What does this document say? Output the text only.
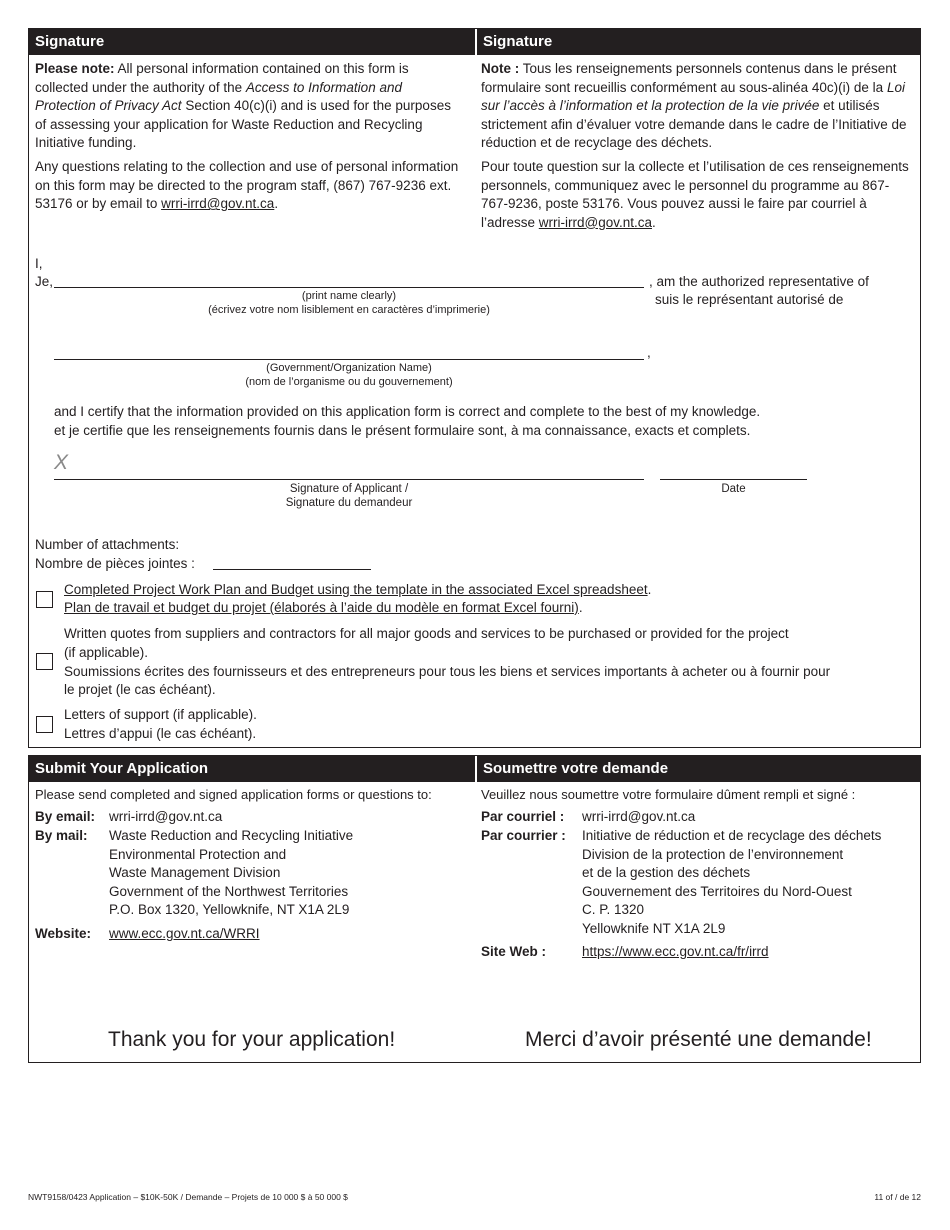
Signature	Signature

Please note: All personal information contained on this form is collected under the authority of the Access to Information and Protection of Privacy Act Section 40(c)(i) and is used for the purposes of assessing your application for Waste Reduction and Recycling Initiative funding.

Any questions relating to the collection and use of personal information on this form may be directed to the program staff, (867) 767-9236 ext. 53176 or by email to wrri-irrd@gov.nt.ca.

Note : Tous les renseignements personnels contenus dans le présent formulaire sont recueillis conformément au sous-alinéa 40c)(i) de la Loi sur l’accès à l’information et la protection de la vie privée et utilisés strictement afin d’évaluer votre demande dans le cadre de l’Initiative de réduction et de recyclage des déchets.

Pour toute question sur la collecte et l’utilisation de ces renseignements personnels, communiquez avec le personnel du programme au 867-767-9236, poste 53176. Vous pouvez aussi le faire par courriel à l’adresse wrri-irrd@gov.nt.ca.

I,
Je,	, am the authorized representative of
suis le représentant autorisé de
(print name clearly)
(écrivez votre nom lisiblement en caractères d’imprimerie)
,
(Government/Organization Name)
(nom de l’organisme ou du gouvernement)
and I certify that the information provided on this application form is correct and complete to the best of my knowledge.
et je certifie que les renseignements fournis dans le présent formulaire sont, à ma connaissance, exacts et complets.
X
Signature of Applicant /
Signature du demandeur
Date
Number of attachments:
Nombre de pièces jointes :
Completed Project Work Plan and Budget using the template in the associated Excel spreadsheet.
Plan de travail et budget du projet (élaborés à l’aide du modèle en format Excel fourni).
Written quotes from suppliers and contractors for all major goods and services to be purchased or provided for the project
(if applicable).
Soumissions écrites des fournisseurs et des entrepreneurs pour tous les biens et services importants à acheter ou à fournir pour
le projet (le cas échéant).
Letters of support (if applicable).
Lettres d’appui (le cas échéant).
Submit Your Application	Soumettre votre demande
Please send completed and signed application forms or questions to:	Veuillez nous soumettre votre formulaire dûment rempli et signé :
By email: wrri-irrd@gov.nt.ca
By mail: Waste Reduction and Recycling Initiative
Environmental Protection and
Waste Management Division
Government of the Northwest Territories
P.O. Box 1320, Yellowknife, NT X1A 2L9
Website: www.ecc.gov.nt.ca/WRRI
Par courriel : wrri-irrd@gov.nt.ca
Par courrier : Initiative de réduction et de recyclage des déchets
Division de la protection de l’environnement
et de la gestion des déchets
Gouvernement des Territoires du Nord-Ouest
C. P. 1320
Yellowknife NT X1A 2L9
Site Web :	https://www.ecc.gov.nt.ca/fr/irrd
Thank you for your application!	Merci d’avoir présenté une demande!
NWT9158/0423 Application – $10K-50K / Demande – Projets de 10 000 $ à 50 000 $	11 of / de 12
